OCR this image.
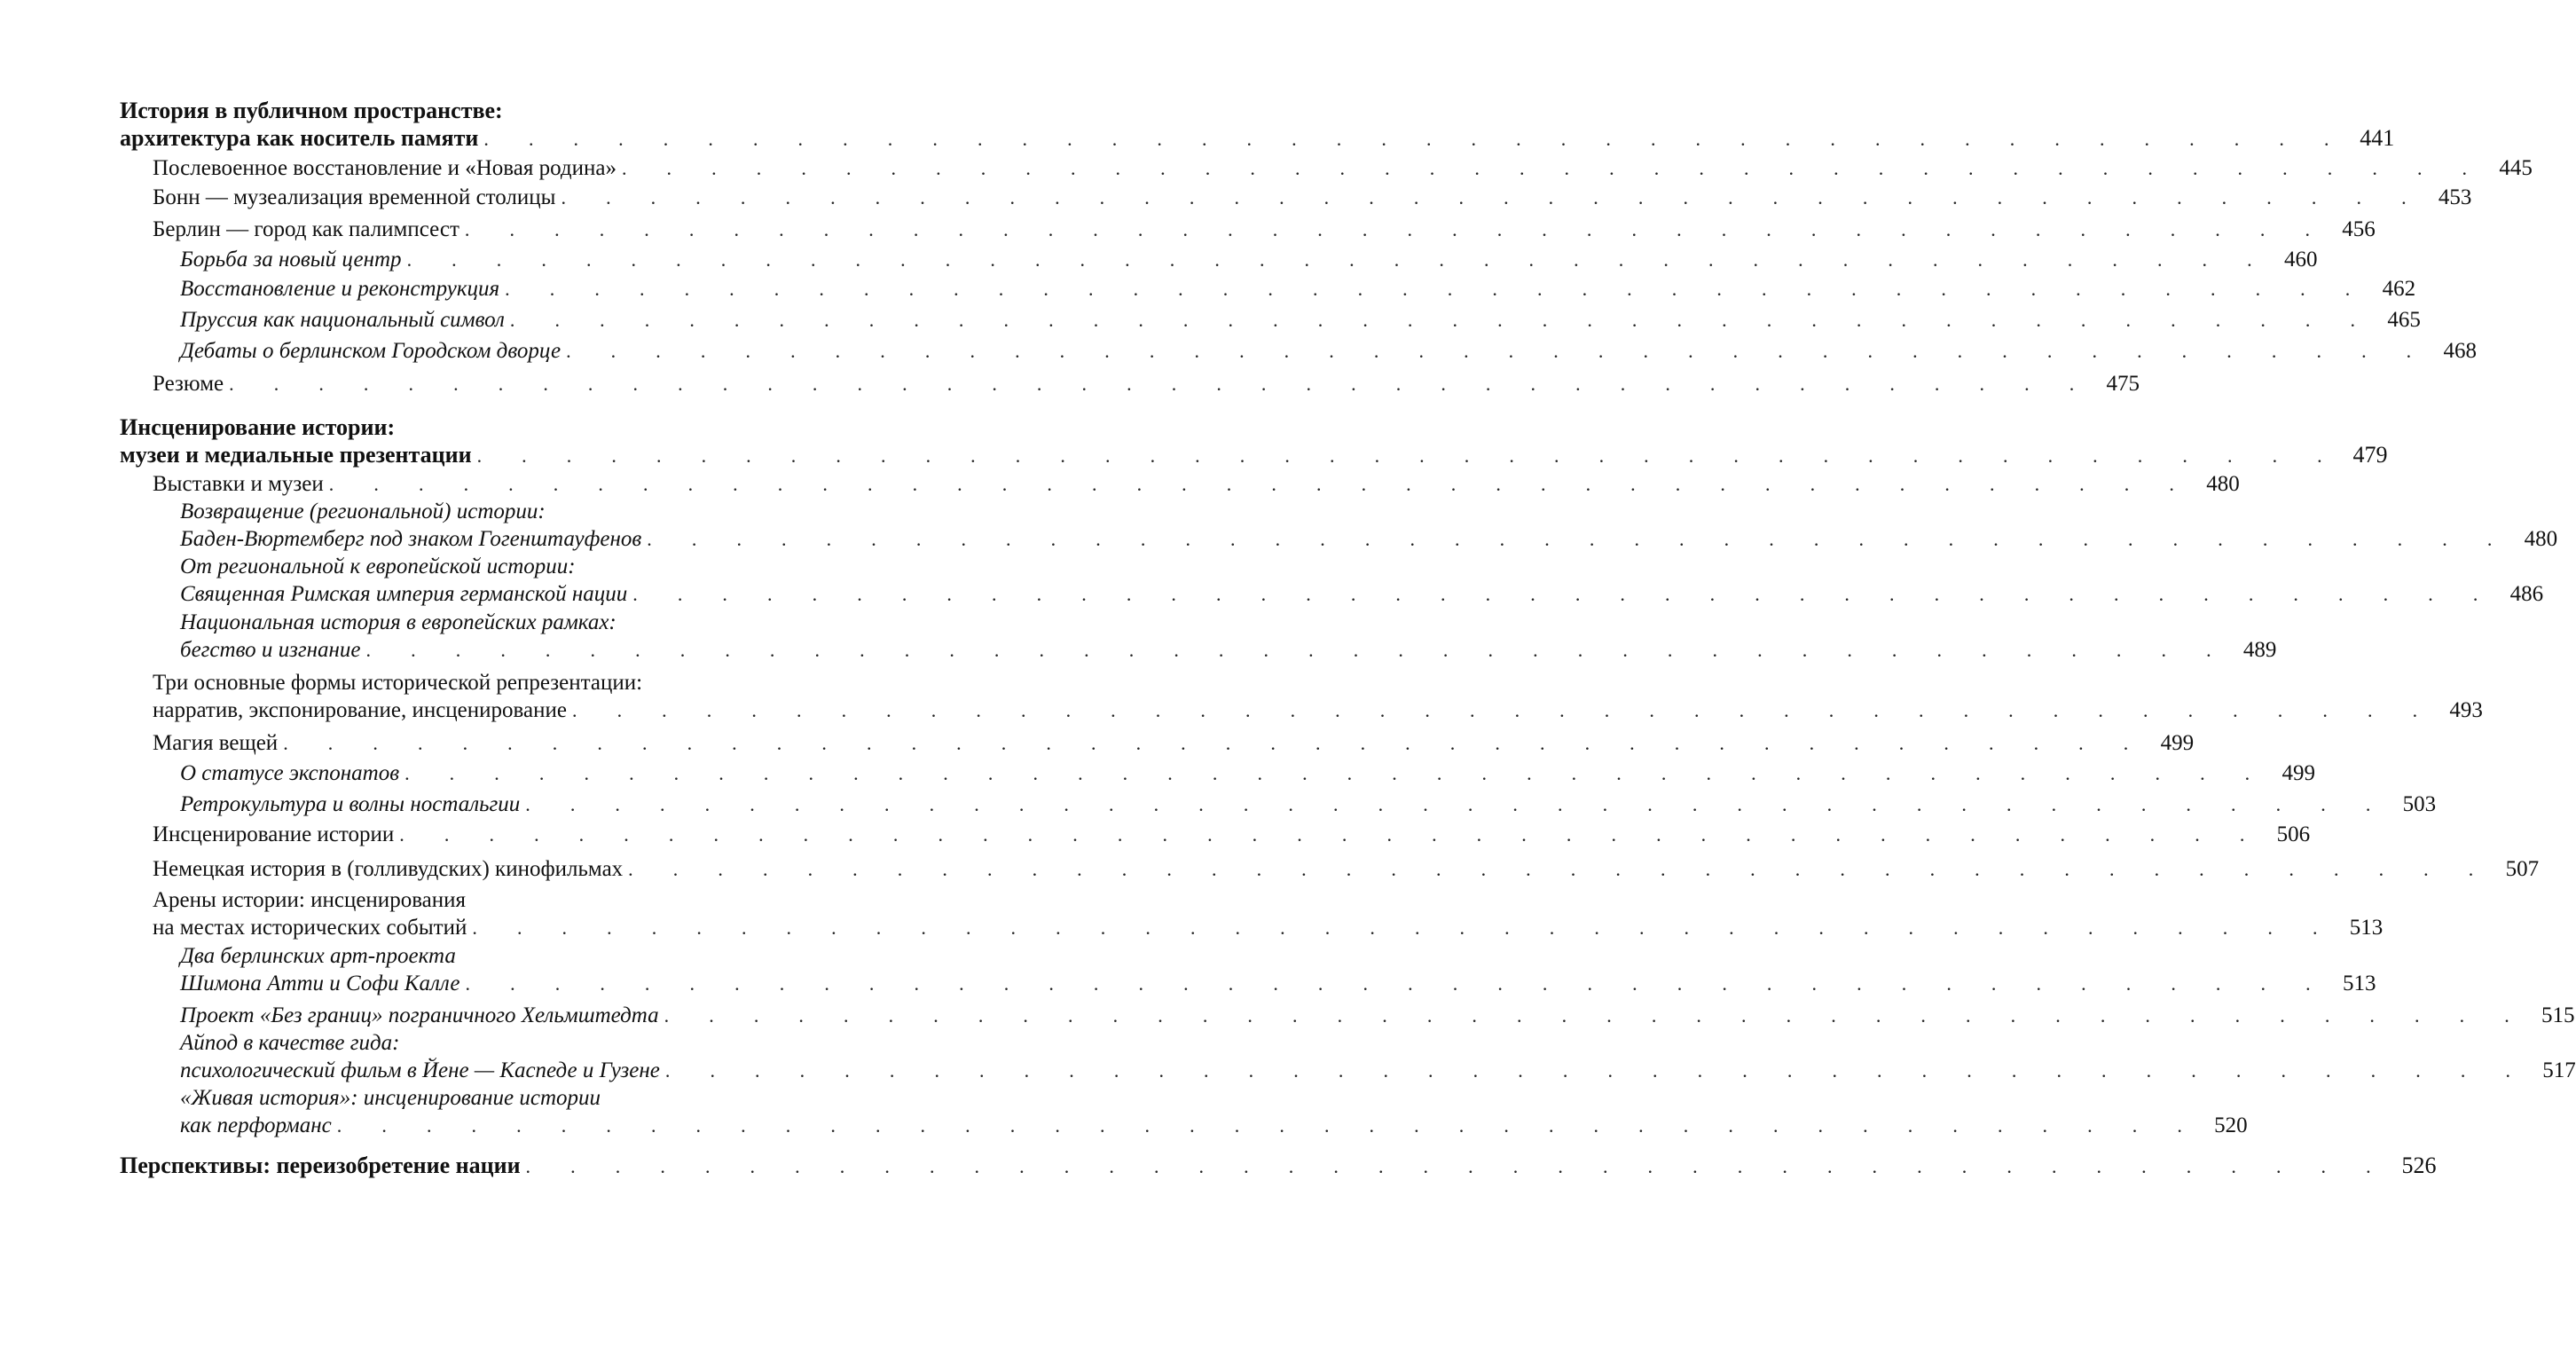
История в публичном пространстве:
архитектура как носитель памяти . . . . . . . . . . . . . . . . . . . . . . . . . . . . . . . . . . . . . . . . . . 441
Послевоенное восстановление и «Новая родина» . . . . . . . . . . . . . . . . . . . . . . . . . . . . . . . . . . . . . . . . . . 445
Бонн — музеализация временной столицы . . . . . . . . . . . . . . . . . . . . . . . . . . . . . . . . . . . . . . . . . . 453
Берлин — город как палимпсест . . . . . . . . . . . . . . . . . . . . . . . . . . . . . . . . . . . . . . . . . . 456
Борьба за новый центр . . . . . . . . . . . . . . . . . . . . . . . . . . . . . . . . . . . . . . . . . . 460
Восстановление и реконструкция . . . . . . . . . . . . . . . . . . . . . . . . . . . . . . . . . . . . . . . . . . 462
Пруссия как национальный символ . . . . . . . . . . . . . . . . . . . . . . . . . . . . . . . . . . . . . . . . . . 465
Дебаты о берлинском Городском дворце . . . . . . . . . . . . . . . . . . . . . . . . . . . . . . . . . . . . . . . . . . 468
Резюме . . . . . . . . . . . . . . . . . . . . . . . . . . . . . . . . . . . . . . . . . . 475
Инсценирование истории:
музеи и медиальные презентации . . . . . . . . . . . . . . . . . . . . . . . . . . . . . . . . . . . . . . . . . . 479
Выставки и музеи . . . . . . . . . . . . . . . . . . . . . . . . . . . . . . . . . . . . . . . . . . 480
Возвращение (региональной) истории:
Баден-Вюртемберг под знаком Гогенштауфенов . . . . . . . . . . . . . . . . . . . . . . . . . . . . . . . . . . . . . . . . . . 480
От региональной к европейской истории:
Священная Римская империя германской нации . . . . . . . . . . . . . . . . . . . . . . . . . . . . . . . . . . . . . . . . . . 486
Национальная история в европейских рамках:
бегство и изгнание . . . . . . . . . . . . . . . . . . . . . . . . . . . . . . . . . . . . . . . . . . 489
Три основные формы исторической репрезентации:
нарратив, экспонирование, инсценирование . . . . . . . . . . . . . . . . . . . . . . . . . . . . . . . . . . . . . . . . . . 493
Магия вещей . . . . . . . . . . . . . . . . . . . . . . . . . . . . . . . . . . . . . . . . . . 499
О статусе экспонатов . . . . . . . . . . . . . . . . . . . . . . . . . . . . . . . . . . . . . . . . . . 499
Ретрокультура и волны ностальгии . . . . . . . . . . . . . . . . . . . . . . . . . . . . . . . . . . . . . . . . . . 503
Инсценирование истории . . . . . . . . . . . . . . . . . . . . . . . . . . . . . . . . . . . . . . . . . . 506
Немецкая история в (голливудских) кинофильмах . . . . . . . . . . . . . . . . . . . . . . . . . . . . . . . . . . . . . . . . . . 507
Арены истории: инсценирования
на местах исторических событий . . . . . . . . . . . . . . . . . . . . . . . . . . . . . . . . . . . . . . . . . . 513
Два берлинских арт-проекта
Шимона Атти и Софи Калле . . . . . . . . . . . . . . . . . . . . . . . . . . . . . . . . . . . . . . . . . . 513
Проект «Без границ» пограничного Хельмштедта . . . . . . . . . . . . . . . . . . . . . . . . . . . . . . . . . . . . . . . . . . 515
Айпод в качестве гида:
психологический фильм в Йене — Каспеде и Гузене . . . . . . . . . . . . . . . . . . . . . . . . . . . . . . . . . . . . . . . . . . 517
«Живая история»: инсценирование истории
как перформанс . . . . . . . . . . . . . . . . . . . . . . . . . . . . . . . . . . . . . . . . . . 520
Перспективы: переизобретение нации . . . . . . . . . . . . . . . . . . . . . . . . . . . . . . . . . . . . . . . . . . 526
